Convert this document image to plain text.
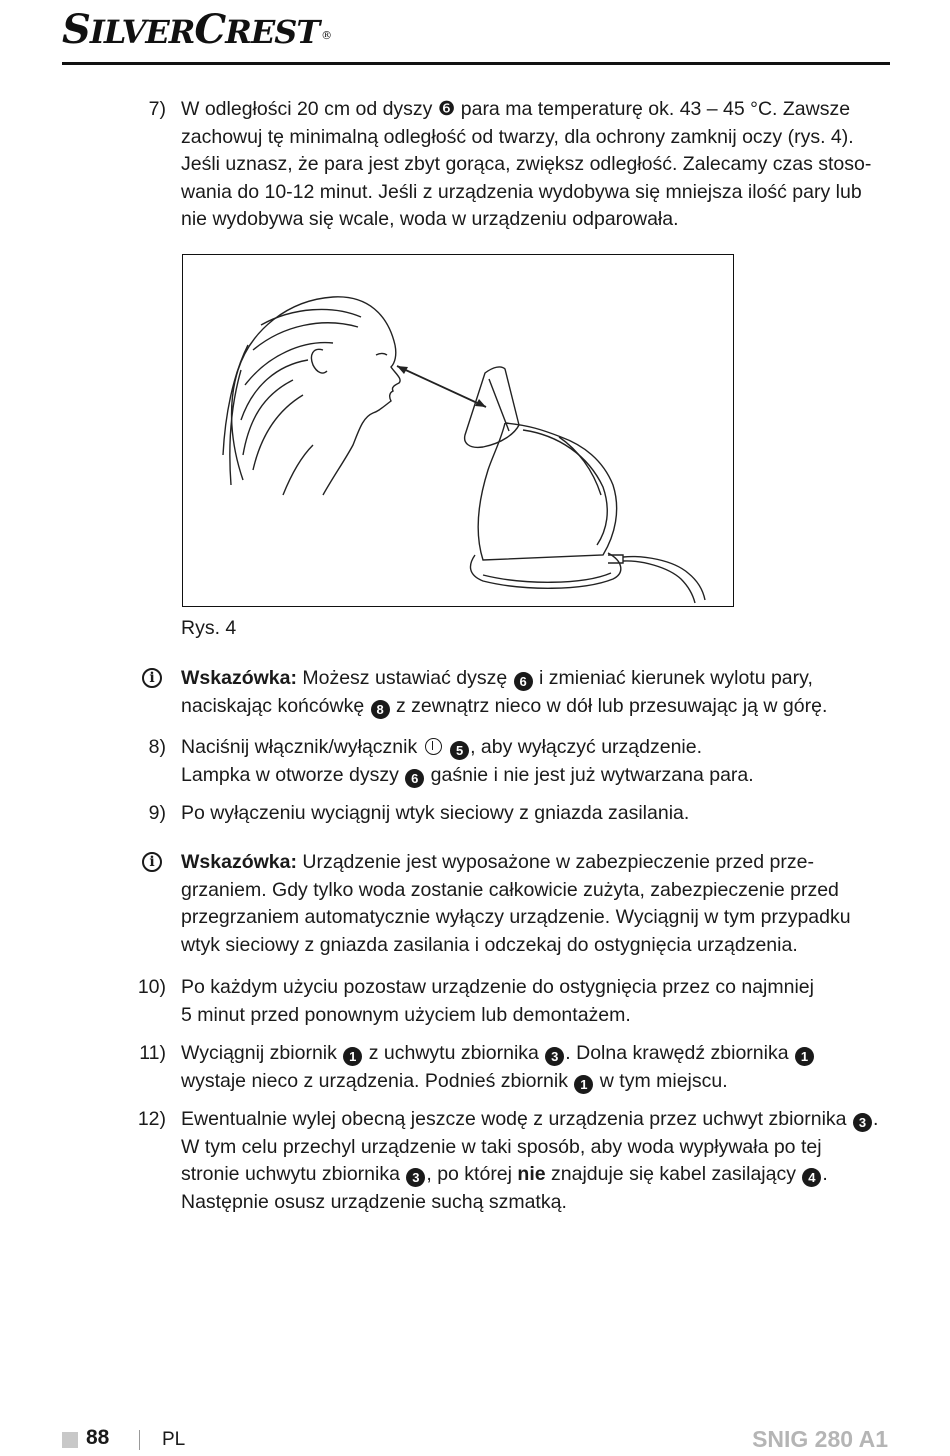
SILVERCREST ®
7) W odległości 20 cm od dyszy ❻ para ma temperaturę ok. 43 – 45 °C. Zawsze
zachowuj tę minimalną odległość od twarzy, dla ochrony zamknij oczy (rys. 4).
Jeśli uznasz, że para jest zbyt gorąca, zwiększ odległość. Zalecamy czas stoso-
wania do 10-12 minut. Jeśli z urządzenia wydobywa się mniejsza ilość pary lub
nie wydobywa się wcale, woda w urządzeniu odparowała.
Rys. 4
i	Wskazówka: Możesz ustawiać dyszę 6 i zmieniać kierunek wylotu pary,
naciskając końcówkę 8 z zewnątrz nieco w dół lub przesuwając ją w górę.
8) Naciśnij włącznik/wyłącznik	5 , aby wyłączyć urządzenie.
Lampka w otworze dyszy 6 gaśnie i nie jest już wytwarzana para.
9) Po wyłączeniu wyciągnij wtyk sieciowy z gniazda zasilania.
i	Wskazówka: Urządzenie jest wyposażone w zabezpieczenie przed prze-
grzaniem. Gdy tylko woda zostanie całkowicie zużyta, zabezpieczenie przed
przegrzaniem automatycznie wyłączy urządzenie. Wyciągnij w tym przypadku
wtyk sieciowy z gniazda zasilania i odczekaj do ostygnięcia urządzenia.
10) Po każdym użyciu pozostaw urządzenie do ostygnięcia przez co najmniej
5 minut przed ponownym użyciem lub demontażem.
11) Wyciągnij zbiornik 1 z uchwytu zbiornika 3 . Dolna krawędź zbiornika 1
wystaje nieco z urządzenia. Podnieś zbiornik 1 w tym miejscu.
12) Ewentualnie wylej obecną jeszcze wodę z urządzenia przez uchwyt zbiornika 3 .
W tym celu przechyl urządzenie w taki sposób, aby woda wypływała po tej
stronie uchwytu zbiornika 3 , po której nie znajduje się kabel zasilający 4 .
Następnie osusz urządzenie suchą szmatką.
88	PL	SNIG 280 A1
